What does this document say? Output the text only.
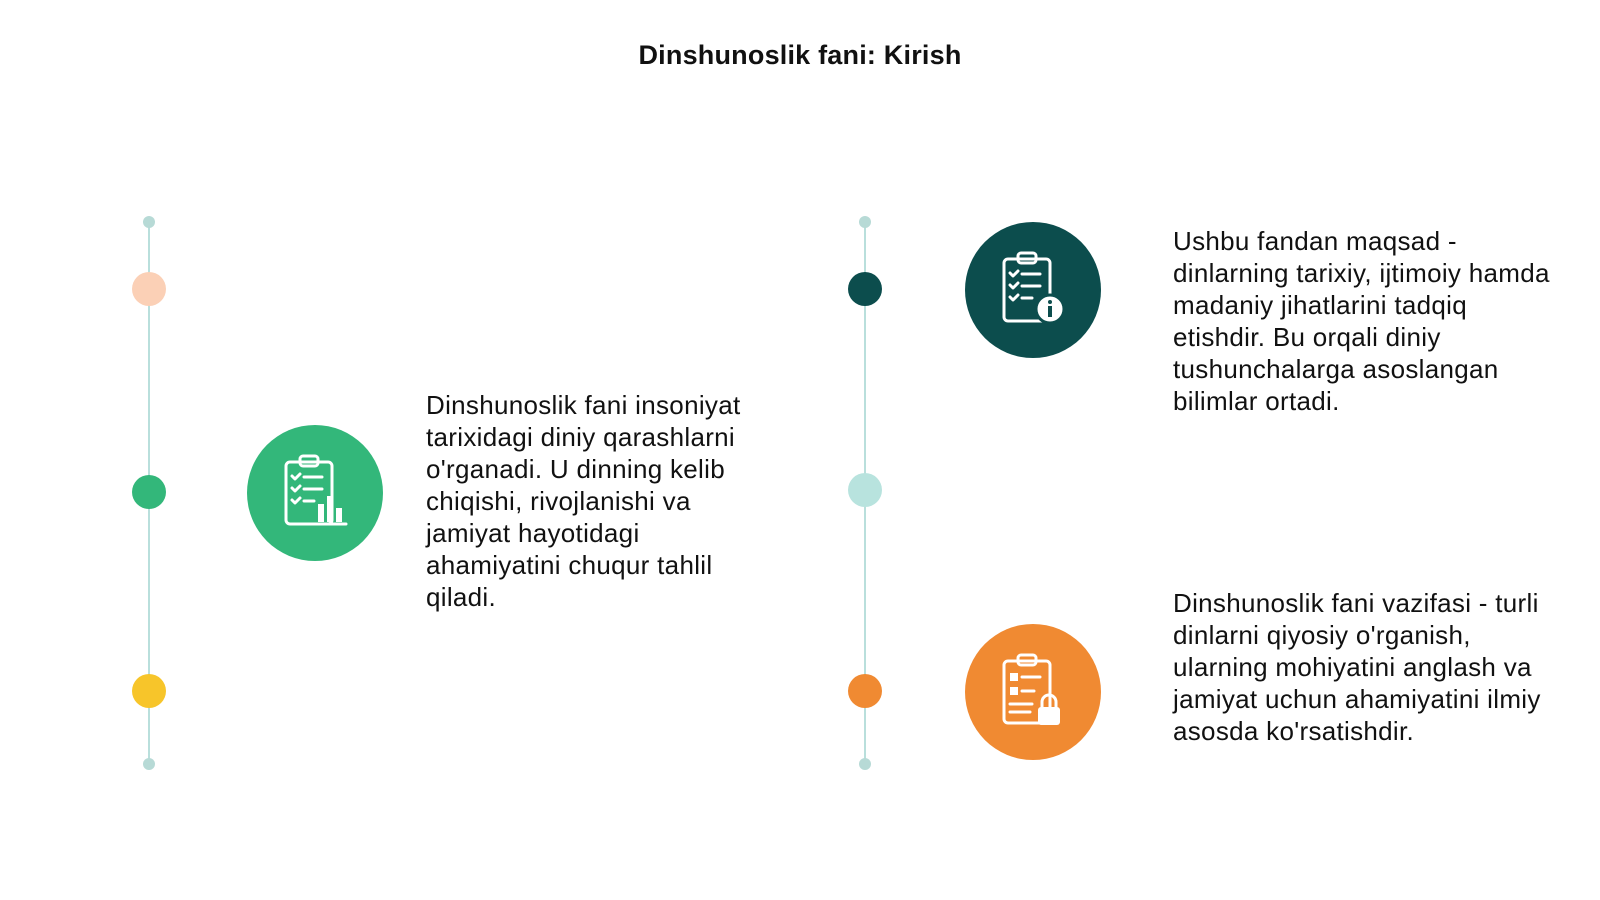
Dinshunoslik fani: Kirish

Dinshunoslik fani insoniyat tarixidagi diniy qarashlarni o'rganadi. U dinning kelib chiqishi, rivojlanishi va jamiyat hayotidagi ahamiyatini chuqur tahlil qiladi.

Ushbu fandan maqsad - dinlarning tarixiy, ijtimoiy hamda madaniy jihatlarini tadqiq etishdir. Bu orqali diniy tushunchalarga asoslangan bilimlar ortadi.

Dinshunoslik fani vazifasi - turli dinlarni qiyosiy o'rganish, ularning mohiyatini anglash va jamiyat uchun ahamiyatini ilmiy asosda ko'rsatishdir.
